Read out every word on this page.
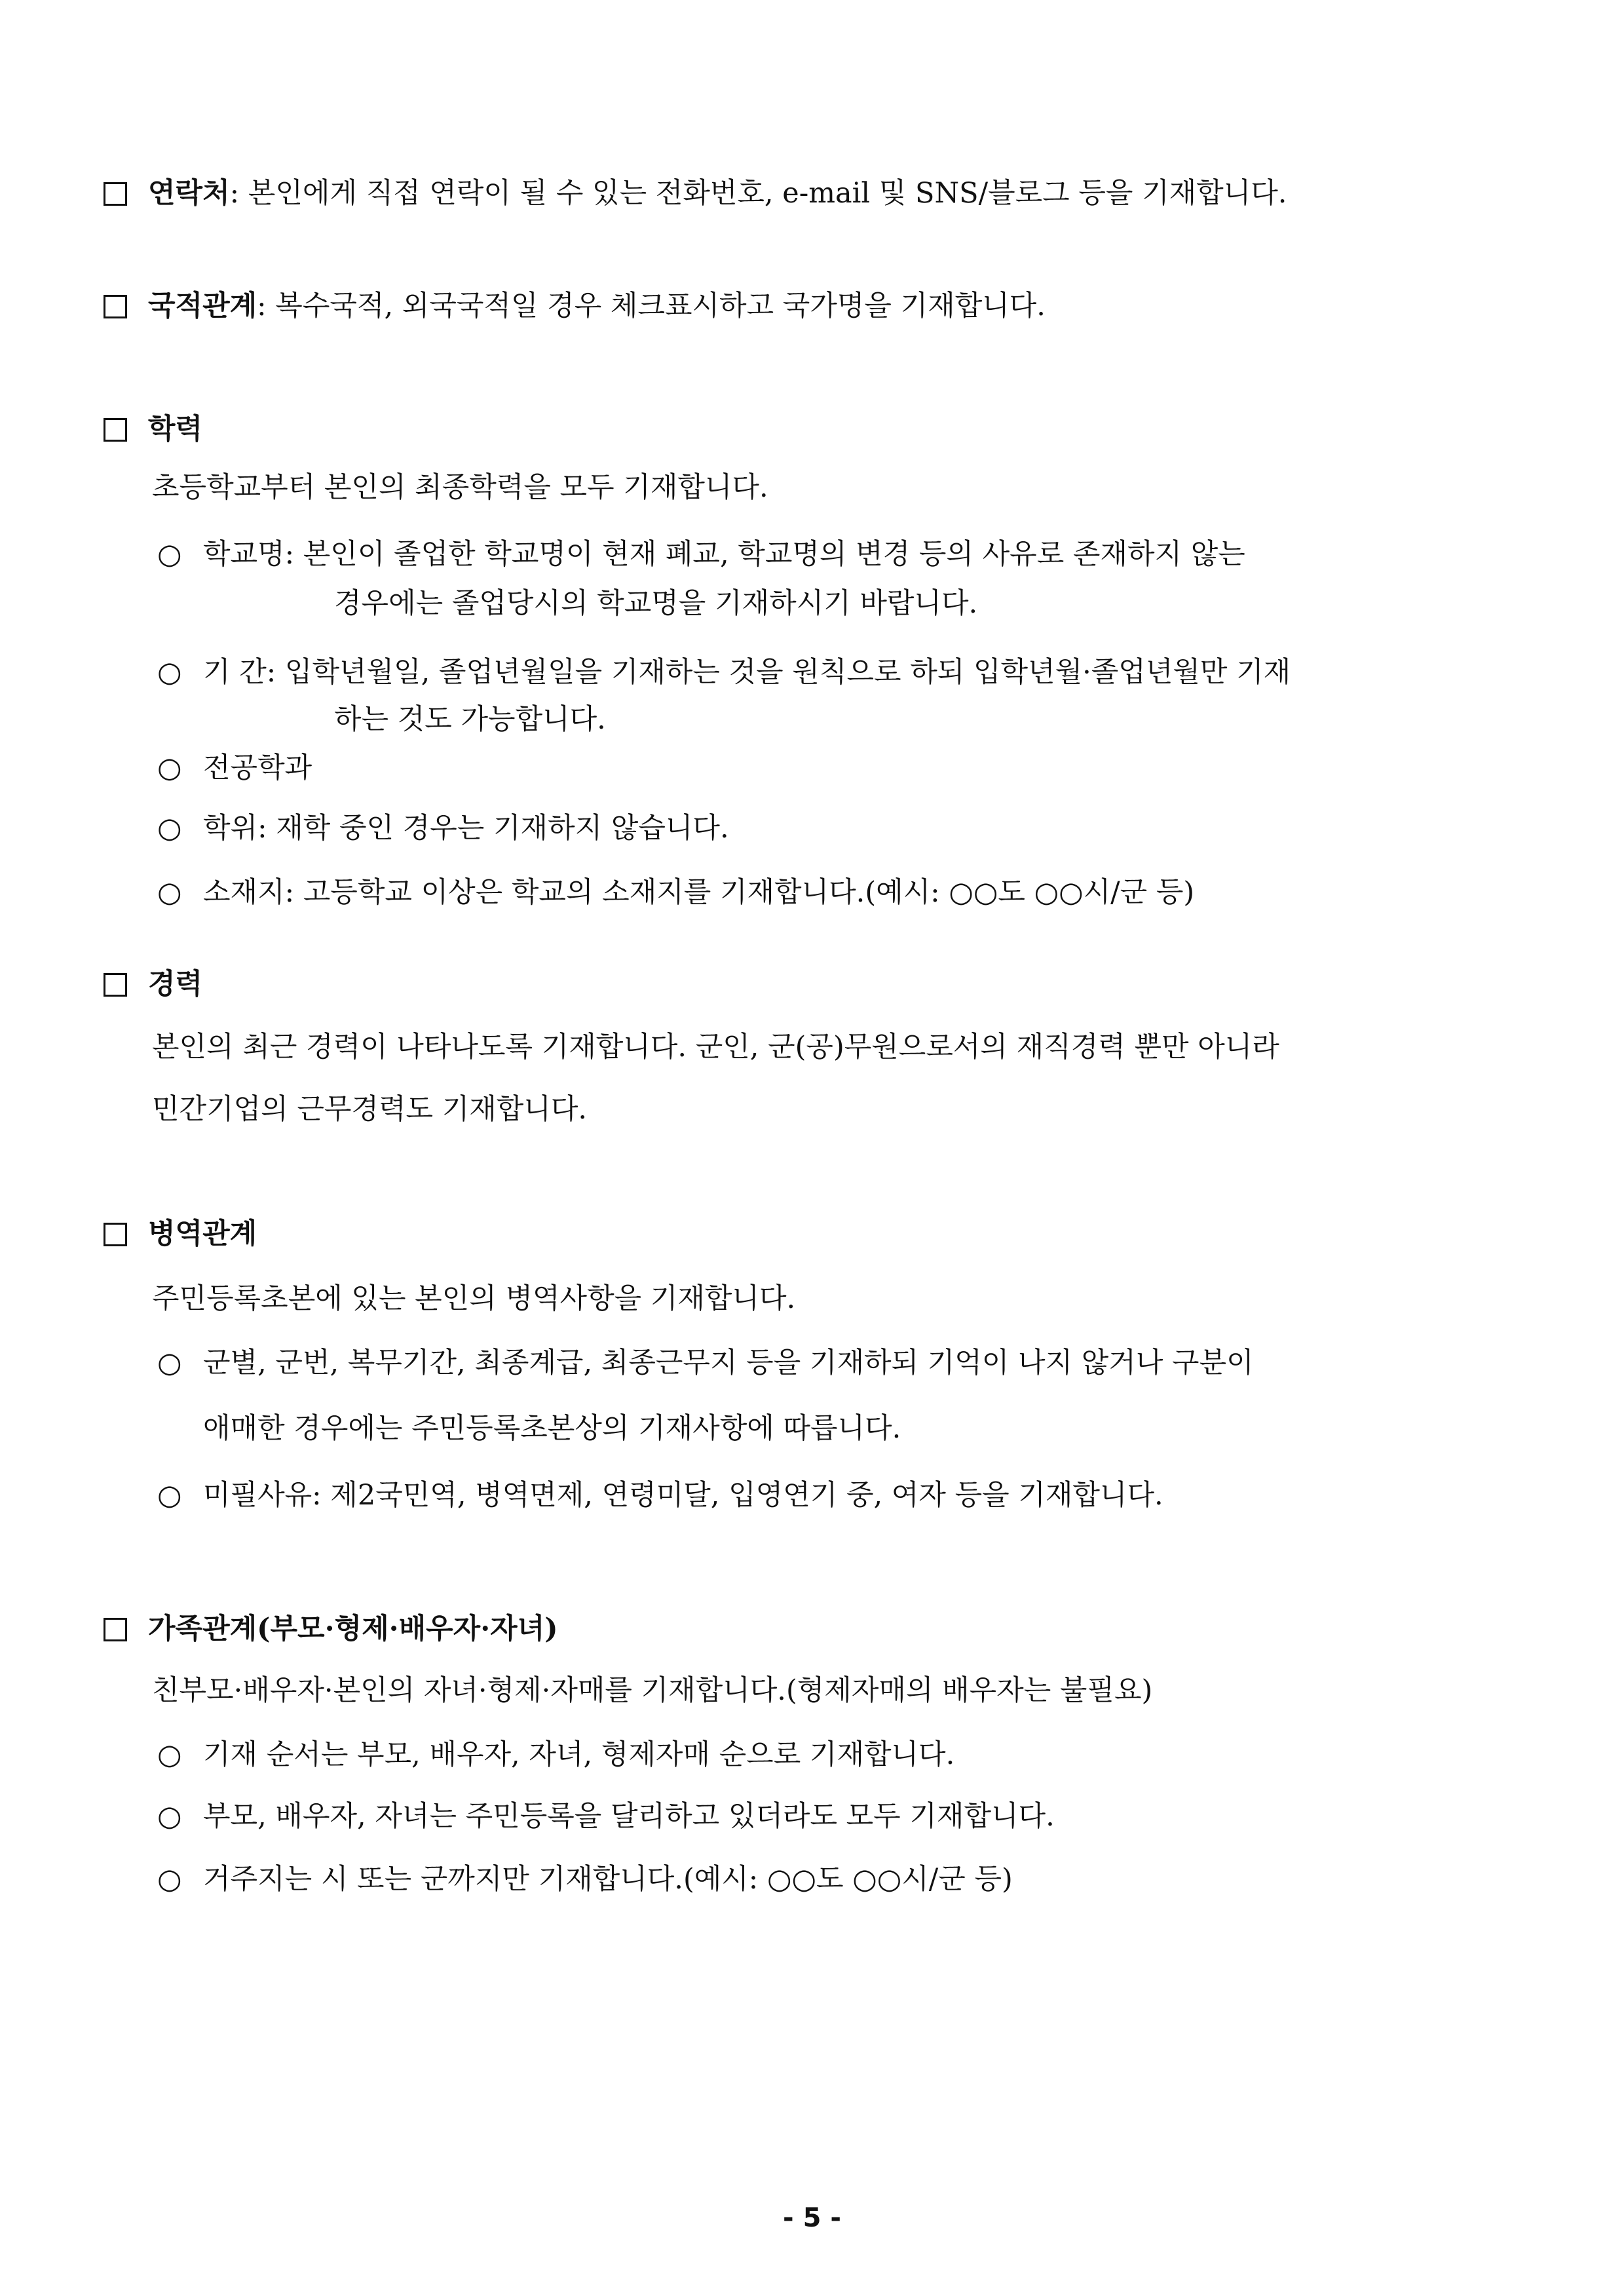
연락처: 본인에게 직접 연락이 될 수 있는 전화번호, e-mail 및 SNS/블로그 등을 기재합니다.
국적관계: 복수국적, 외국국적일 경우 체크표시하고 국가명을 기재합니다.
학력
초등학교부터 본인의 최종학력을 모두 기재합니다.
○ 학교명: 본인이 졸업한 학교명이 현재 폐교, 학교명의 변경 등의 사유로 존재하지 않는
경우에는 졸업당시의 학교명을 기재하시기 바랍니다.
○ 기 간: 입학년월일, 졸업년월일을 기재하는 것을 원칙으로 하되 입학년월·졸업년월만 기재
하는 것도 가능합니다.
○ 전공학과
○ 학위: 재학 중인 경우는 기재하지 않습니다.
○ 소재지: 고등학교 이상은 학교의 소재지를 기재합니다.(예시: ○○도 ○○시/군 등)
경력
본인의 최근 경력이 나타나도록 기재합니다. 군인, 군(공)무원으로서의 재직경력 뿐만 아니라
민간기업의 근무경력도 기재합니다.
병역관계
주민등록초본에 있는 본인의 병역사항을 기재합니다.
○ 군별, 군번, 복무기간, 최종계급, 최종근무지 등을 기재하되 기억이 나지 않거나 구분이
애매한 경우에는 주민등록초본상의 기재사항에 따릅니다.
○ 미필사유: 제2국민역, 병역면제, 연령미달, 입영연기 중, 여자 등을 기재합니다.
가족관계(부모·형제·배우자·자녀)
친부모·배우자·본인의 자녀·형제·자매를 기재합니다.(형제자매의 배우자는 불필요)
○ 기재 순서는 부모, 배우자, 자녀, 형제자매 순으로 기재합니다.
○ 부모, 배우자, 자녀는 주민등록을 달리하고 있더라도 모두 기재합니다.
○ 거주지는 시 또는 군까지만 기재합니다.(예시: ○○도 ○○시/군 등)
- 5 -
